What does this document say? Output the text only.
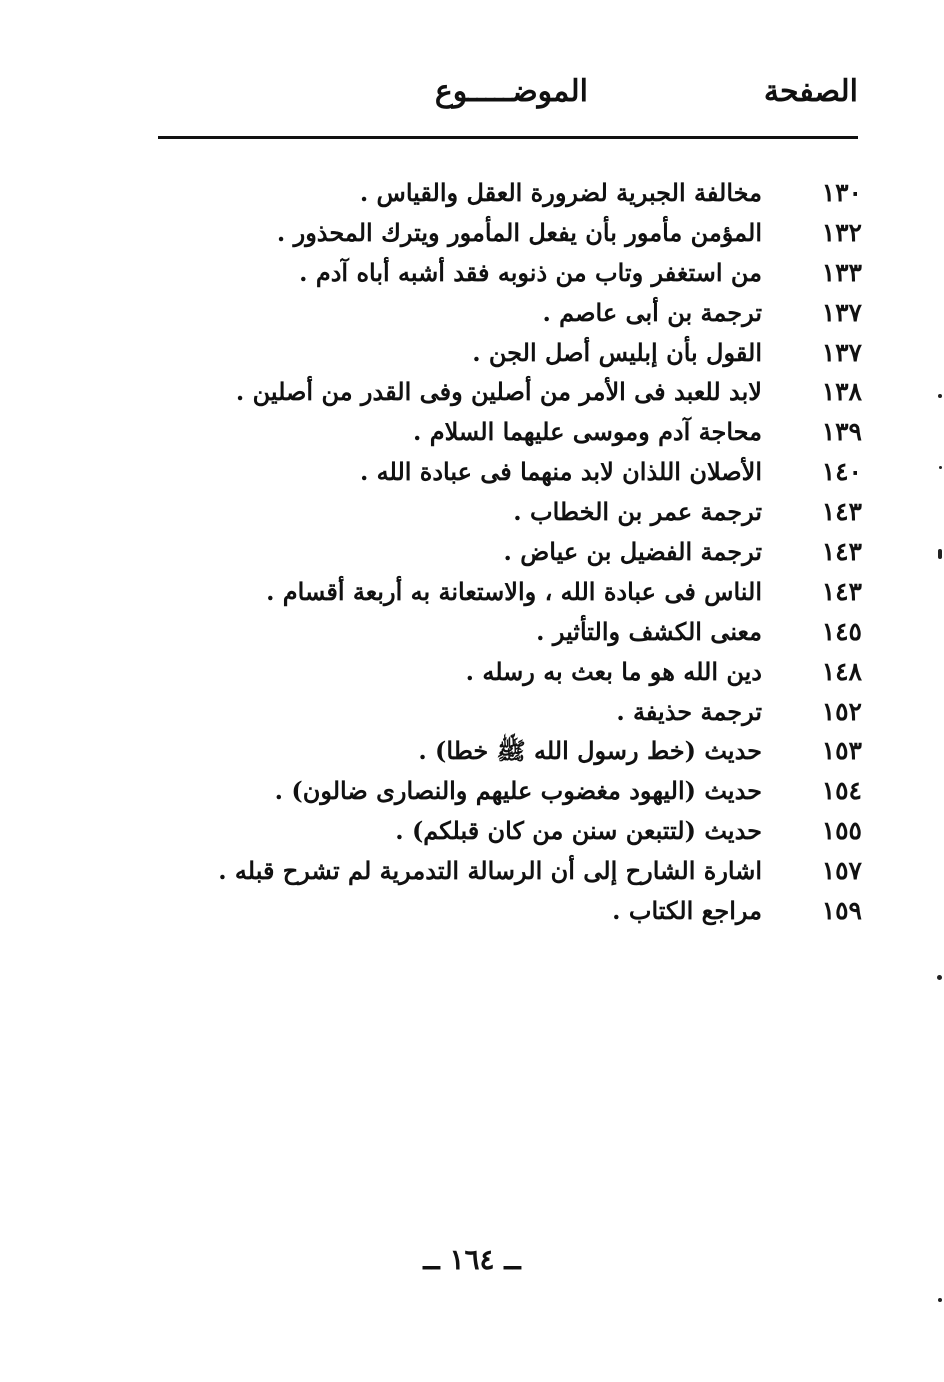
الصفحة
الموضـــــوع
١٣٠
مخالفة الجبرية لضرورة العقل والقياس .
١٣٢
المؤمن مأمور بأن يفعل المأمور ويترك المحذور .
١٣٣
من استغفر وتاب من ذنوبه فقد أشبه أباه آدم .
١٣٧
ترجمة بن أبى عاصم .
١٣٧
القول بأن إبليس أصل الجن .
١٣٨
لابد للعبد فى الأمر من أصلين وفى القدر من أصلين .
١٣٩
محاجة آدم وموسى عليهما السلام .
١٤٠
الأصلان اللذان لابد منهما فى عبادة الله .
١٤٣
ترجمة عمر بن الخطاب .
١٤٣
ترجمة الفضيل بن عياض .
١٤٣
الناس فى عبادة الله ، والاستعانة به أربعة أقسام .
١٤٥
معنى الكشف والتأثير .
١٤٨
دين الله هو ما بعث به رسله .
١٥٢
ترجمة حذيفة .
١٥٣
حديث (خط رسول الله ﷺ خطا) .
١٥٤
حديث (اليهود مغضوب عليهم والنصارى ضالون) .
١٥٥
حديث (لتتبعن سنن من كان قبلكم) .
١٥٧
اشارة الشارح إلى أن الرسالة التدمرية لم تشرح قبله .
١٥٩
مراجع الكتاب .
ــ ١٦٤ ــ
